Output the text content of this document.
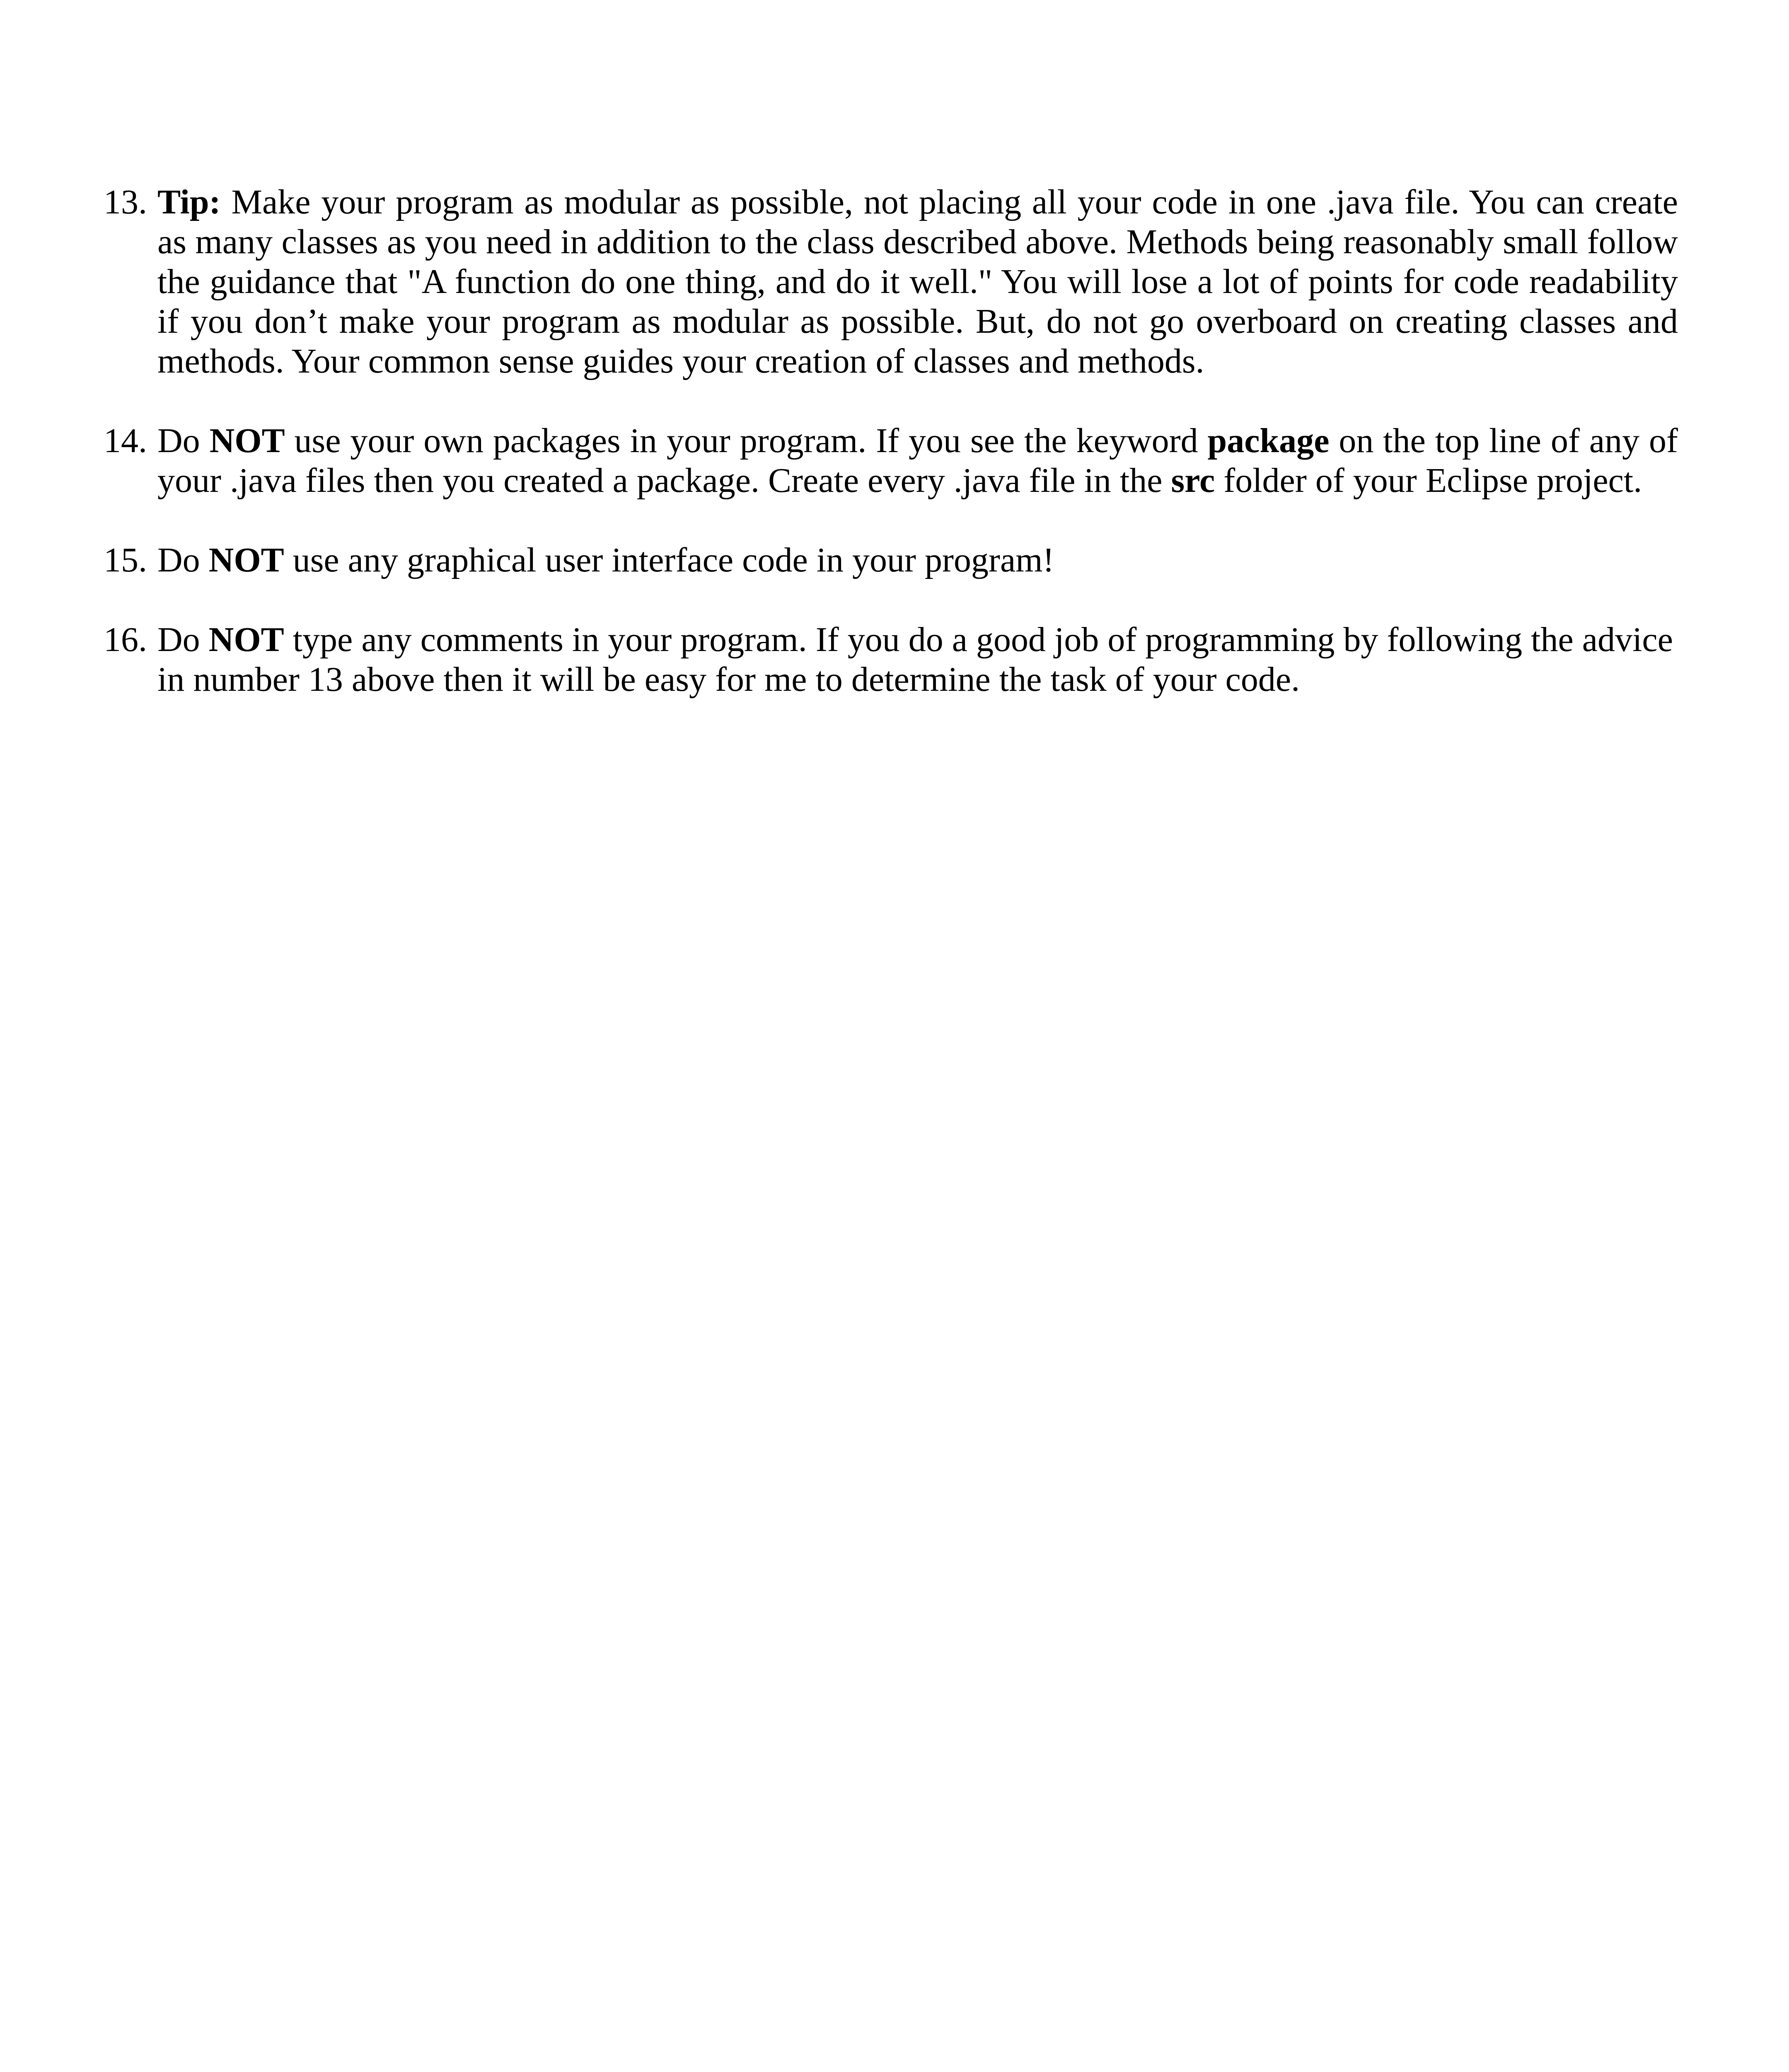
13. Tip: Make your program as modular as possible, not placing all your code in one .java file. You can create as many classes as you need in addition to the class described above. Methods being reasonably small follow the guidance that "A function do one thing, and do it well." You will lose a lot of points for code readability if you don’t make your program as modular as possible. But, do not go overboard on creating classes and methods. Your common sense guides your creation of classes and methods.
14. Do NOT use your own packages in your program. If you see the keyword package on the top line of any of your .java files then you created a package. Create every .java file in the src folder of your Eclipse project.
15. Do NOT use any graphical user interface code in your program!
16. Do NOT type any comments in your program. If you do a good job of programming by following the advice in number 13 above then it will be easy for me to determine the task of your code.
